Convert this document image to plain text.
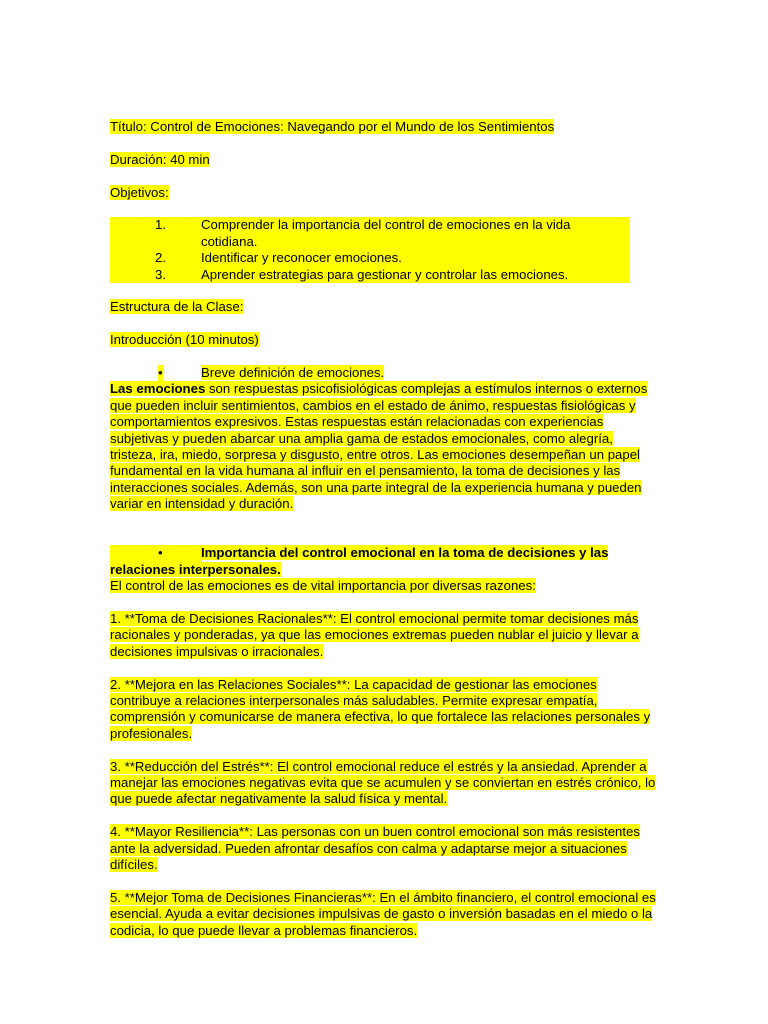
Título: Control de Emociones: Navegando por el Mundo de los Sentimientos

Duración: 40 min

Objetivos:

1.	Comprender la importancia del control de emociones en la vida cotidiana.
2.	Identificar y reconocer emociones.
3.	Aprender estrategias para gestionar y controlar las emociones.

Estructura de la Clase:

Introducción (10 minutos)

•	Breve definición de emociones.

Las emociones son respuestas psicofisiológicas complejas a estímulos internos o externos que pueden incluir sentimientos, cambios en el estado de ánimo, respuestas fisiológicas y comportamientos expresivos. Estas respuestas están relacionadas con experiencias subjetivas y pueden abarcar una amplia gama de estados emocionales, como alegría, tristeza, ira, miedo, sorpresa y disgusto, entre otros. Las emociones desempeñan un papel fundamental en la vida humana al influir en el pensamiento, la toma de decisiones y las interacciones sociales. Además, son una parte integral de la experiencia humana y pueden variar en intensidad y duración.

•	Importancia del control emocional en la toma de decisiones y las relaciones interpersonales.

El control de las emociones es de vital importancia por diversas razones:

1. **Toma de Decisiones Racionales**: El control emocional permite tomar decisiones más racionales y ponderadas, ya que las emociones extremas pueden nublar el juicio y llevar a decisiones impulsivas o irracionales.

2. **Mejora en las Relaciones Sociales**: La capacidad de gestionar las emociones contribuye a relaciones interpersonales más saludables. Permite expresar empatía, comprensión y comunicarse de manera efectiva, lo que fortalece las relaciones personales y profesionales.

3. **Reducción del Estrés**: El control emocional reduce el estrés y la ansiedad. Aprender a manejar las emociones negativas evita que se acumulen y se conviertan en estrés crónico, lo que puede afectar negativamente la salud física y mental.

4. **Mayor Resiliencia**: Las personas con un buen control emocional son más resistentes ante la adversidad. Pueden afrontar desafíos con calma y adaptarse mejor a situaciones difíciles.

5. **Mejor Toma de Decisiones Financieras**: En el ámbito financiero, el control emocional es esencial. Ayuda a evitar decisiones impulsivas de gasto o inversión basadas en el miedo o la codicia, lo que puede llevar a problemas financieros.
